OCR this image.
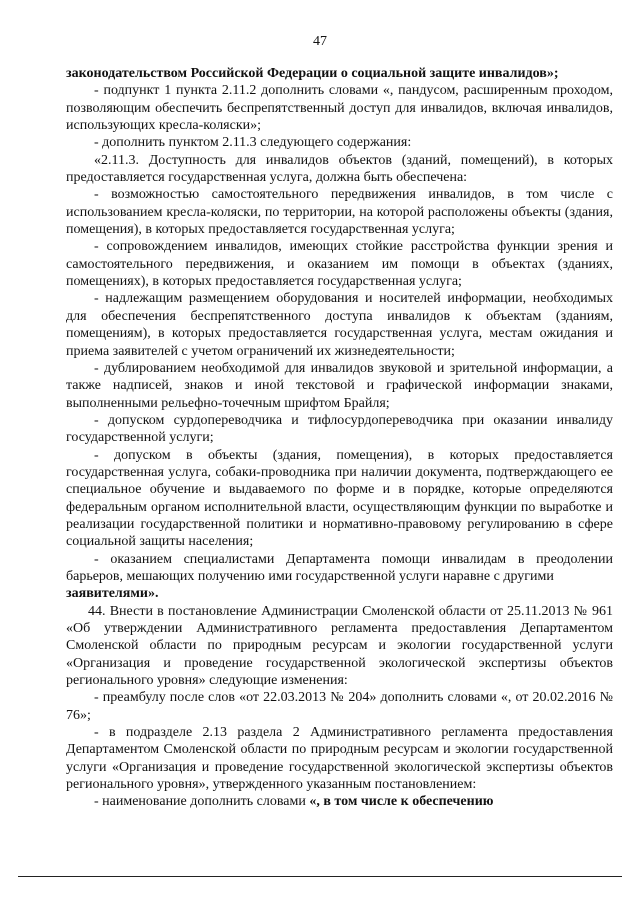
47

законодательством Российской Федерации о социальной защите инвалидов»;

- подпункт 1 пункта 2.11.2 дополнить словами «, пандусом, расширенным проходом, позволяющим обеспечить беспрепятственный доступ для инвалидов, включая инвалидов, использующих кресла-коляски»;

- дополнить пунктом 2.11.3 следующего содержания:

«2.11.3. Доступность для инвалидов объектов (зданий, помещений), в которых предоставляется государственная услуга, должна быть обеспечена:

- возможностью самостоятельного передвижения инвалидов, в том числе с использованием кресла-коляски, по территории, на которой расположены объекты (здания, помещения), в которых предоставляется государственная услуга;

- сопровождением инвалидов, имеющих стойкие расстройства функции зрения и самостоятельного передвижения, и оказанием им помощи в объектах (зданиях, помещениях), в которых предоставляется государственная услуга;

- надлежащим размещением оборудования и носителей информации, необходимых для обеспечения беспрепятственного доступа инвалидов к объектам (зданиям, помещениям), в которых предоставляется государственная услуга, местам ожидания и приема заявителей с учетом ограничений их жизнедеятельности;

- дублированием необходимой для инвалидов звуковой и зрительной информации, а также надписей, знаков и иной текстовой и графической информации знаками, выполненными рельефно-точечным шрифтом Брайля;

- допуском сурдопереводчика и тифлосурдопереводчика при оказании инвалиду государственной услуги;

- допуском в объекты (здания, помещения), в которых предоставляется государственная услуга, собаки-проводника при наличии документа, подтверждающего ее специальное обучение и выдаваемого по форме и в порядке, которые определяются федеральным органом исполнительной власти, осуществляющим функции по выработке и реализации государственной политики и нормативно-правовому регулированию в сфере социальной защиты населения;

- оказанием специалистами Департамента помощи инвалидам в преодолении барьеров, мешающих получению ими государственной услуги наравне с другими

заявителями».

44. Внести в постановление Администрации Смоленской области от 25.11.2013 № 961 «Об утверждении Административного регламента предоставления Департаментом Смоленской области по природным ресурсам и экологии государственной услуги «Организация и проведение государственной экологической экспертизы объектов регионального уровня» следующие изменения:

- преамбулу после слов «от 22.03.2013 № 204» дополнить словами «, от 20.02.2016 № 76»;

- в подразделе 2.13 раздела 2 Административного регламента предоставления Департаментом Смоленской области по природным ресурсам и экологии государственной услуги «Организация и проведение государственной экологической экспертизы объектов регионального уровня», утвержденного указанным постановлением:

- наименование дополнить словами «, в том числе к обеспечению
